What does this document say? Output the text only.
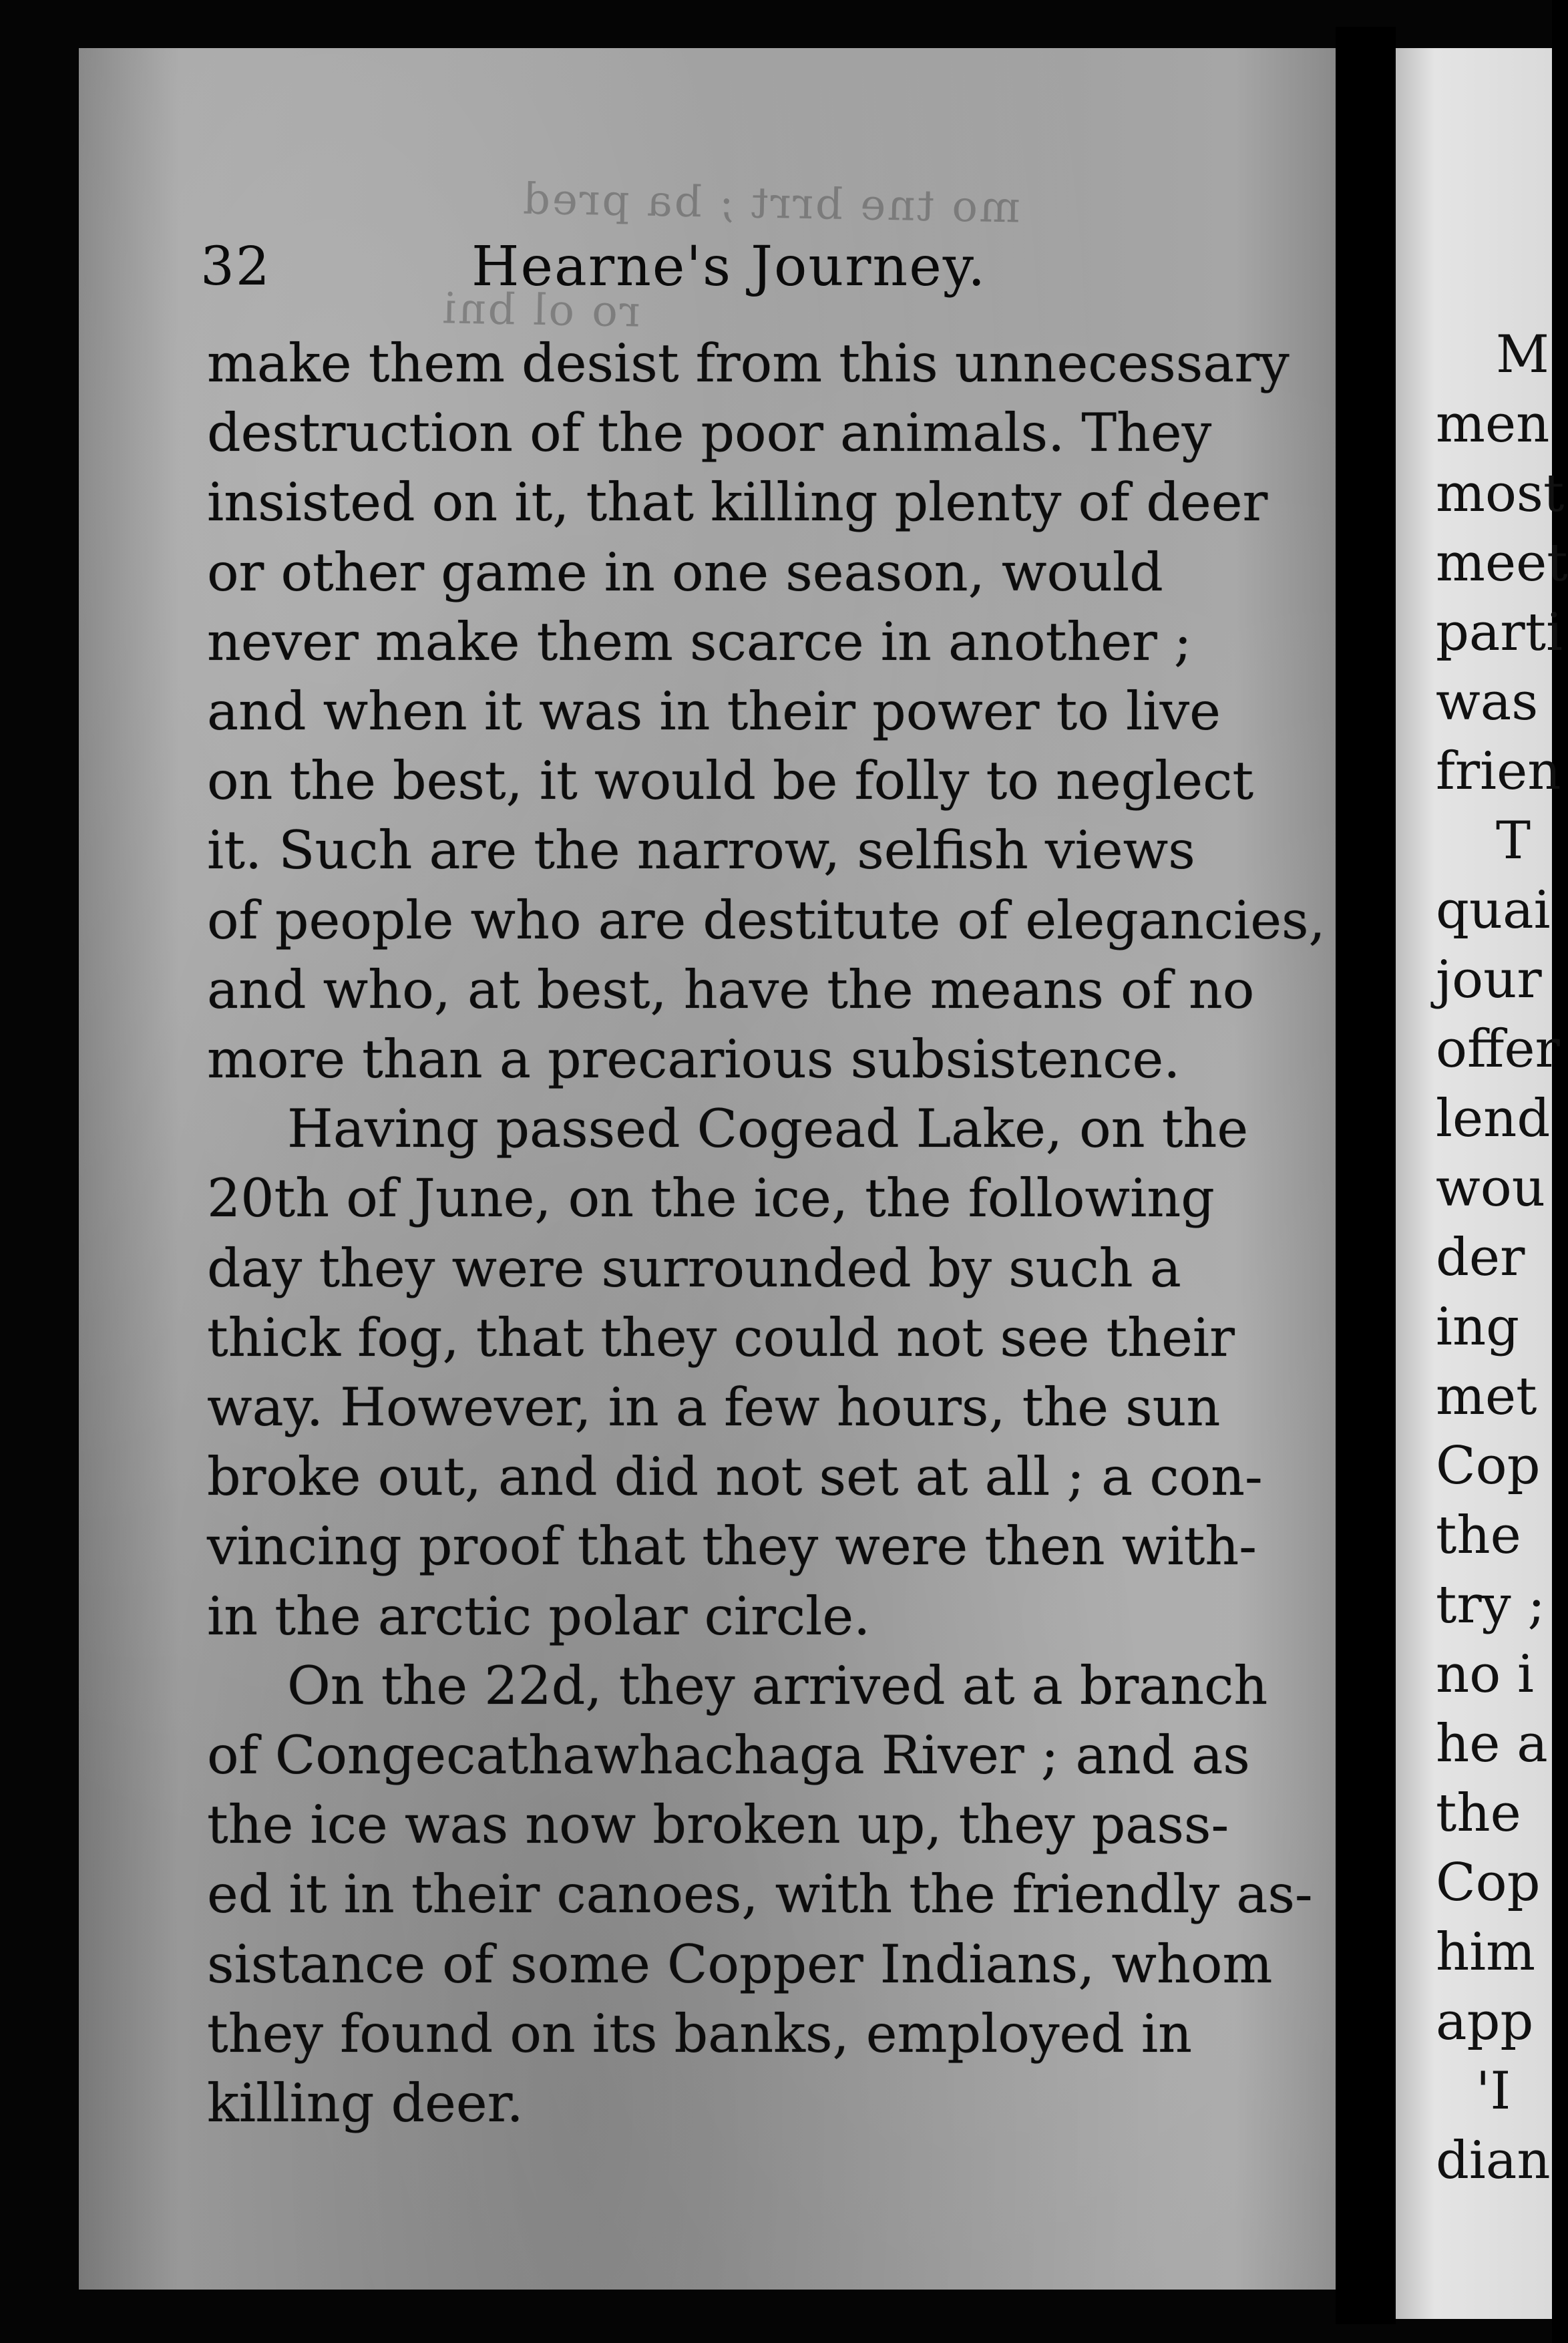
mo tne brrt ; ba pred
ro ol bni
32	Hearne's Journey.
make them desist from this unnecessary
destruction of the poor animals. They
insisted on it, that killing plenty of deer
or other game in one season, would
never make them scarce in another ;
and when it was in their power to live
on the best, it would be folly to neglect
it. Such are the narrow, selfish views
of people who are destitute of elegancies,
and who, at best, have the means of no
more than a precarious subsistence.
Having passed Cogead Lake, on the
20th of June, on the ice, the following
day they were surrounded by such a
thick fog, that they could not see their
way. However, in a few hours, the sun
broke out, and did not set at all ; a con-
vincing proof that they were then with-
in the arctic polar circle.
On the 22d, they arrived at a branch
of Congecathawhachaga River ; and as
the ice was now broken up, they pass-
ed it in their canoes, with the friendly as-
sistance of some Copper Indians, whom
they found on its banks, employed in
killing deer.
M
men
most
meet
parti
was
frien
T
quai
jour
offer
lend
wou
der
ing
met
Cop
the
try ;
no i
he a
the
Cop
him
app
'I
dian
